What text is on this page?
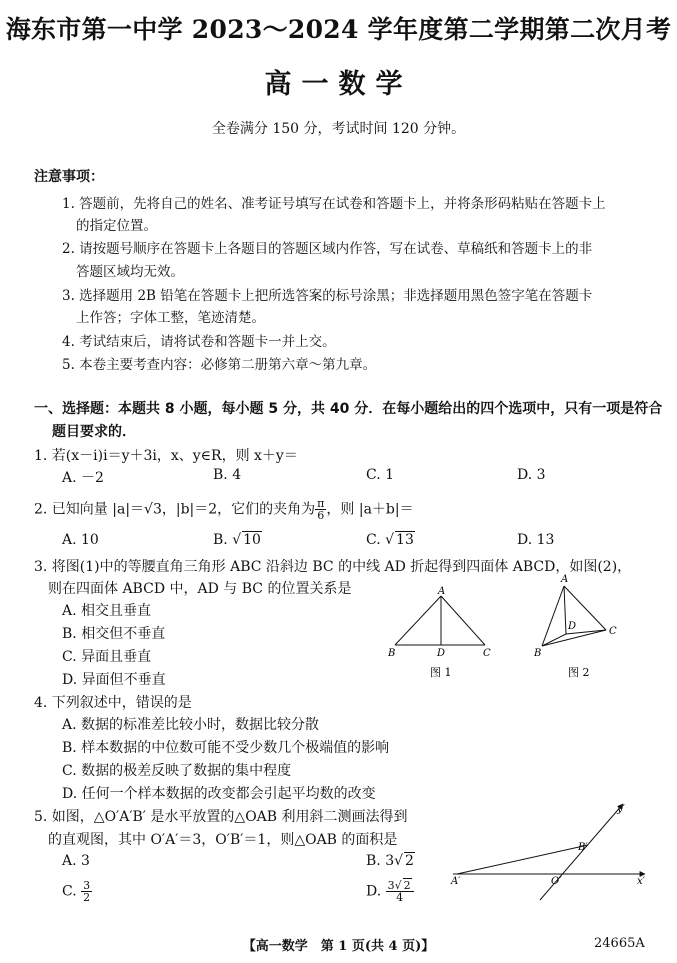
海东市第一中学 2023～2024 学年度第二学期第二次月考
高一数学
全卷满分 150 分，考试时间 120 分钟。
注意事项：
1. 答题前，先将自己的姓名、准考证号填写在试卷和答题卡上，并将条形码粘贴在答题卡上
的指定位置。
2. 请按题号顺序在答题卡上各题目的答题区域内作答，写在试卷、草稿纸和答题卡上的非
答题区域均无效。
3. 选择题用 2B 铅笔在答题卡上把所选答案的标号涂黑；非选择题用黑色签字笔在答题卡
上作答；字体工整，笔迹清楚。
4. 考试结束后，请将试卷和答题卡一并上交。
5. 本卷主要考查内容：必修第二册第六章～第九章。
一、选择题：本题共 8 小题，每小题 5 分，共 40 分．在每小题给出的四个选项中，只有一项是符合
题目要求的．
1. 若(x－i)i＝y＋3i，x、y∈R，则 x＋y＝
A. －2	B. 4	C. 1	D. 3
2. 已知向量 |a|＝√3，|b|＝2，它们的夹角为 $\frac{\pi}{6}$ ，则 |a＋b|＝
A. 10	B. √ 10	C. √ 13	D. 13
3. 将图(1)中的等腰直角三角形 ABC 沿斜边 BC 的中线 AD 折起得到四面体 ABCD，如图(2)，
则在四面体 ABCD 中，AD 与 BC 的位置关系是
A. 相交且垂直
B. 相交但不垂直
C. 异面且垂直
D. 异面但不垂直
A
B	D	C
图 1
A
D	C
B
图 2
4. 下列叙述中，错误的是
A. 数据的标准差比较小时，数据比较分散
B. 样本数据的中位数可能不受少数几个极端值的影响
C. 数据的极差反映了数据的集中程度
D. 任何一个样本数据的改变都会引起平均数的改变
5. 如图，△O′A′B′ 是水平放置的△OAB 利用斜二测画法得到
的直观图，其中 O′A′＝3，O′B′＝1，则△OAB 的面积是
A. 3	B. 3√ 2
C. $\frac{3}{2}$	D. $\frac{3√ 2}{4}$	A′	O′
B′
x′
y′
【高一数学　第 1 页(共 4 页)】	24665A
